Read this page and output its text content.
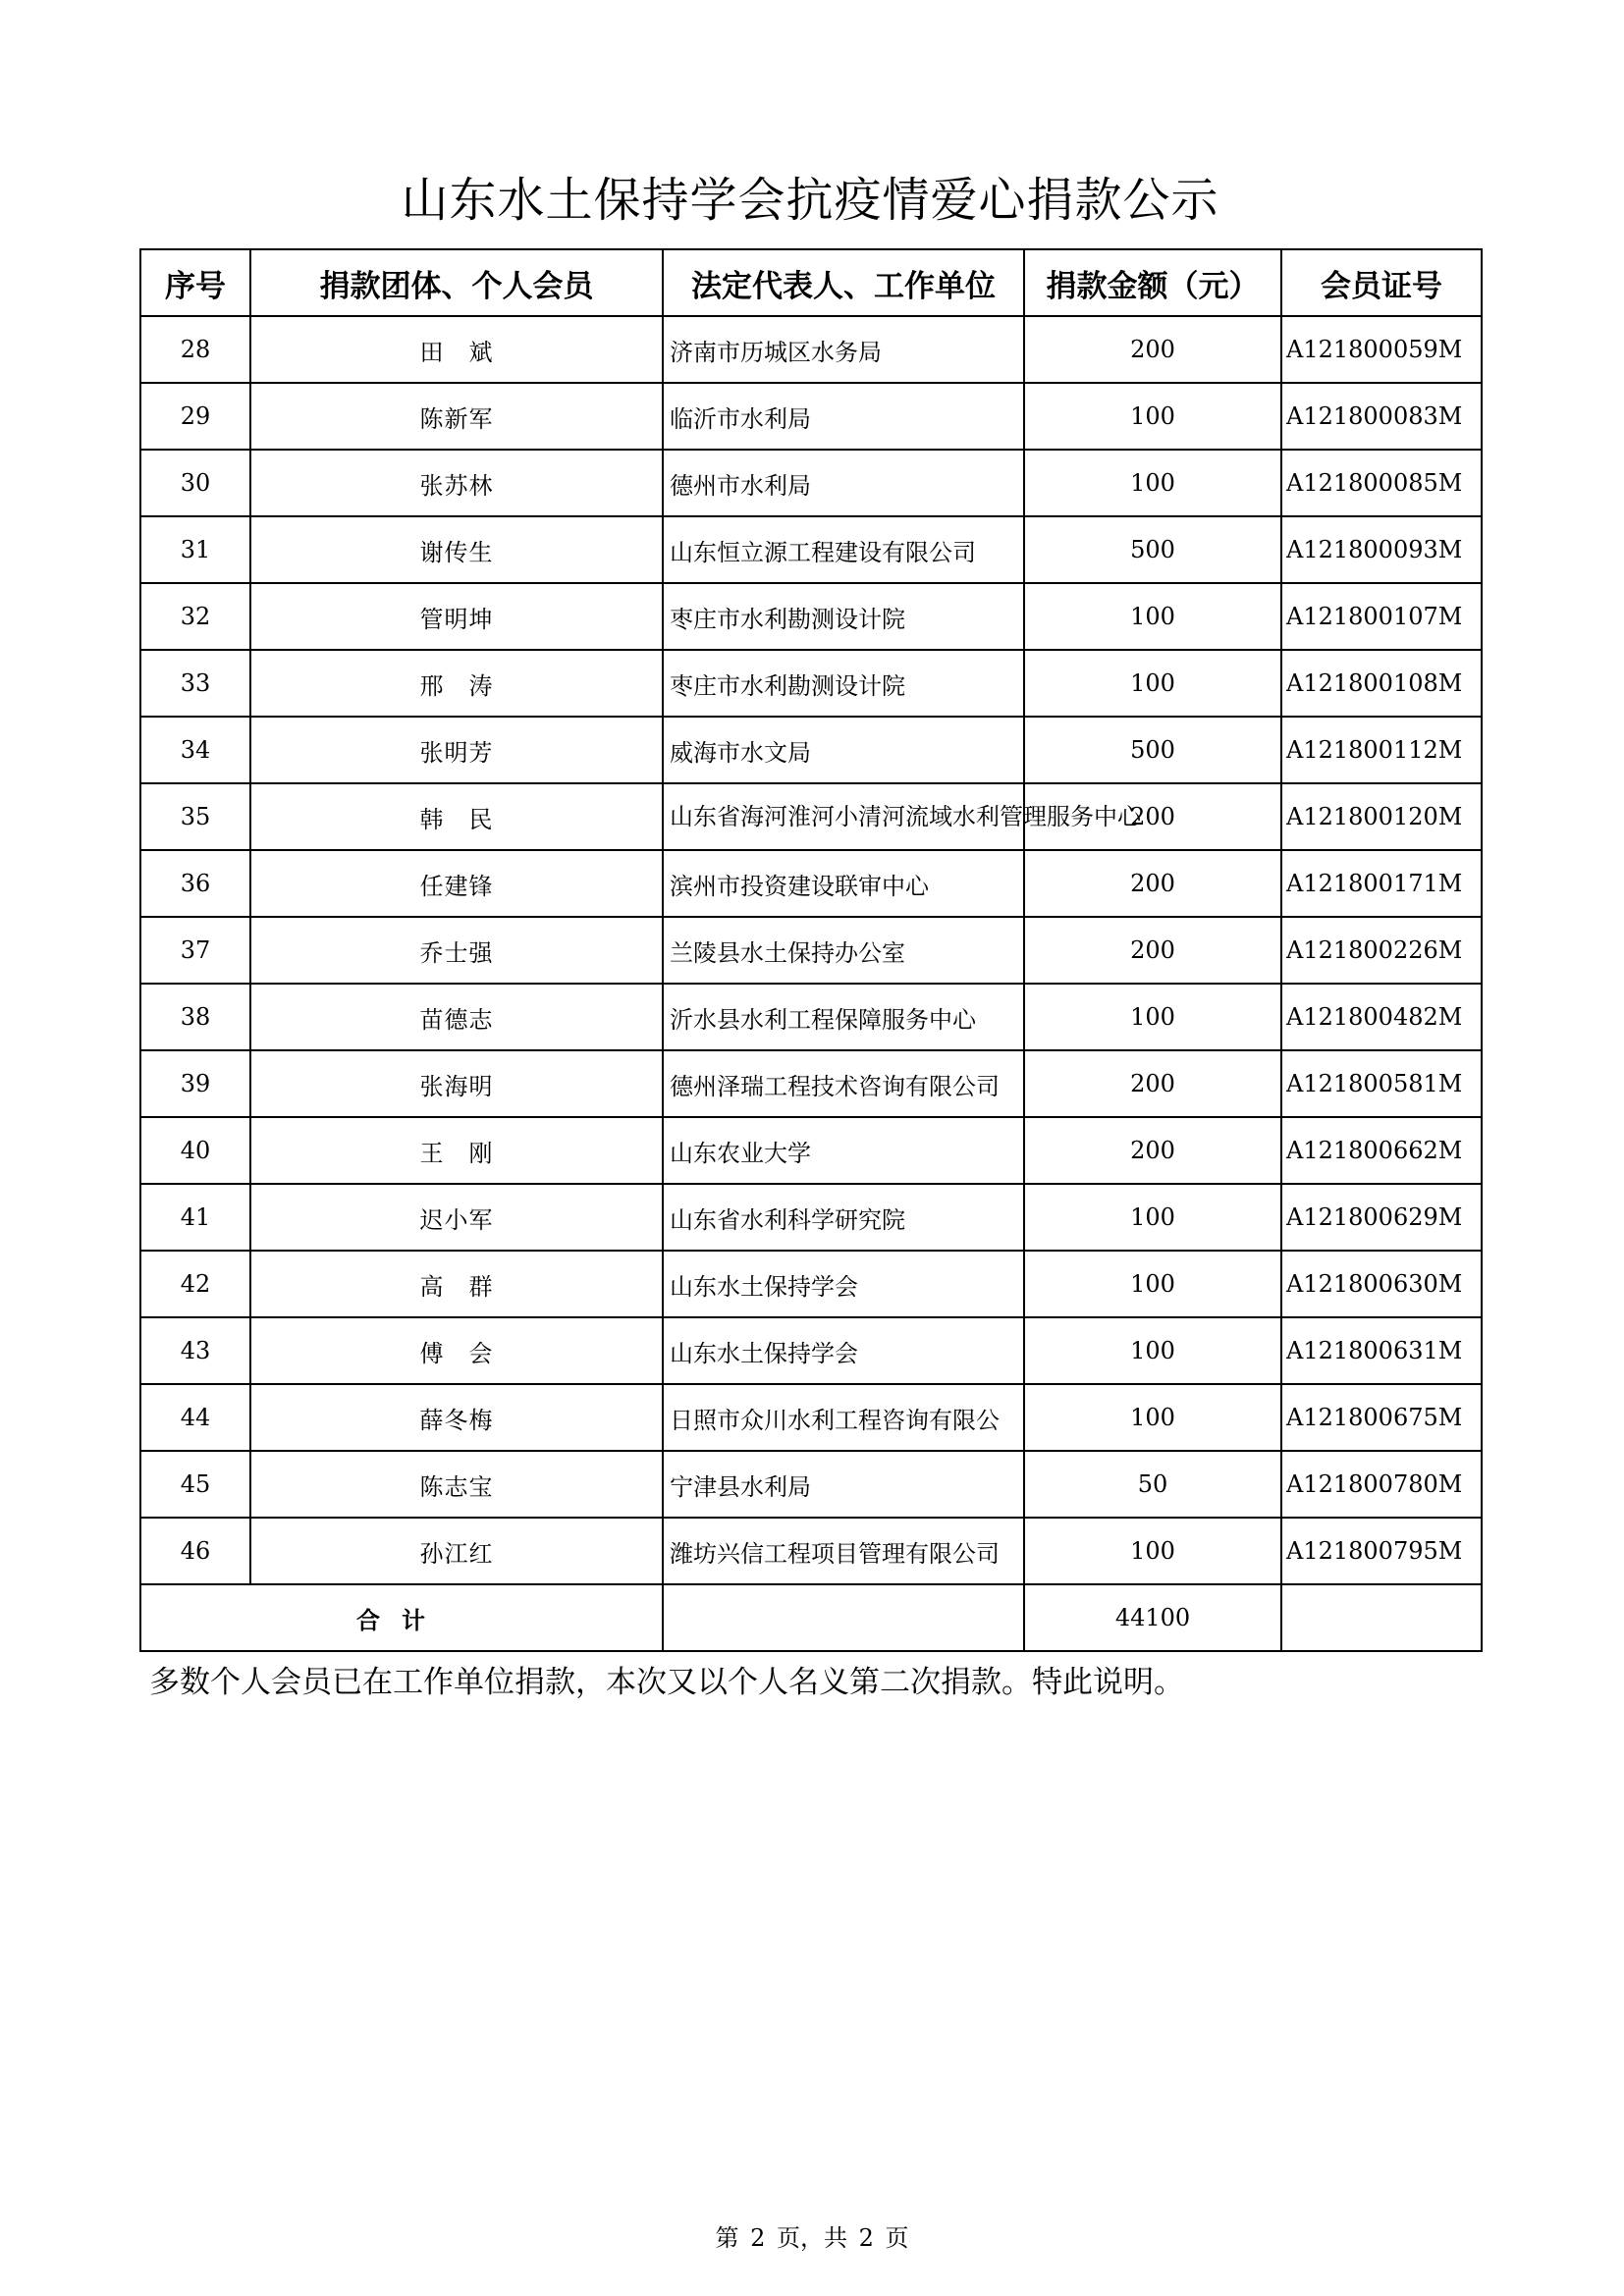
山东水土保持学会抗疫情爱心捐款公示
序号	捐款团体、个人会员	法定代表人、工作单位	捐款金额（元）	会员证号
28	田　斌	济南市历城区水务局	200	A121800059M
29	陈新军	临沂市水利局	100	A121800083M
30	张苏林	德州市水利局	100	A121800085M
31	谢传生	山东恒立源工程建设有限公司	500	A121800093M
32	管明坤	枣庄市水利勘测设计院	100	A121800107M
33	邢　涛	枣庄市水利勘测设计院	100	A121800108M
34	张明芳	威海市水文局	500	A121800112M
35	韩　民	山东省海河淮河小清河流域水利管理服务中心	200	A121800120M
36	任建锋	滨州市投资建设联审中心	200	A121800171M
37	乔士强	兰陵县水土保持办公室	200	A121800226M
38	苗德志	沂水县水利工程保障服务中心	100	A121800482M
39	张海明	德州泽瑞工程技术咨询有限公司	200	A121800581M
40	王　刚	山东农业大学	200	A121800662M
41	迟小军	山东省水利科学研究院	100	A121800629M
42	高　群	山东水土保持学会	100	A121800630M
43	傅　会	山东水土保持学会	100	A121800631M
44	薛冬梅	日照市众川水利工程咨询有限公	100	A121800675M
45	陈志宝	宁津县水利局	50	A121800780M
46	孙江红	潍坊兴信工程项目管理有限公司	100	A121800795M
合计			44100	
多数个人会员已在工作单位捐款，本次又以个人名义第二次捐款。特此说明。
第 2 页，共 2 页
